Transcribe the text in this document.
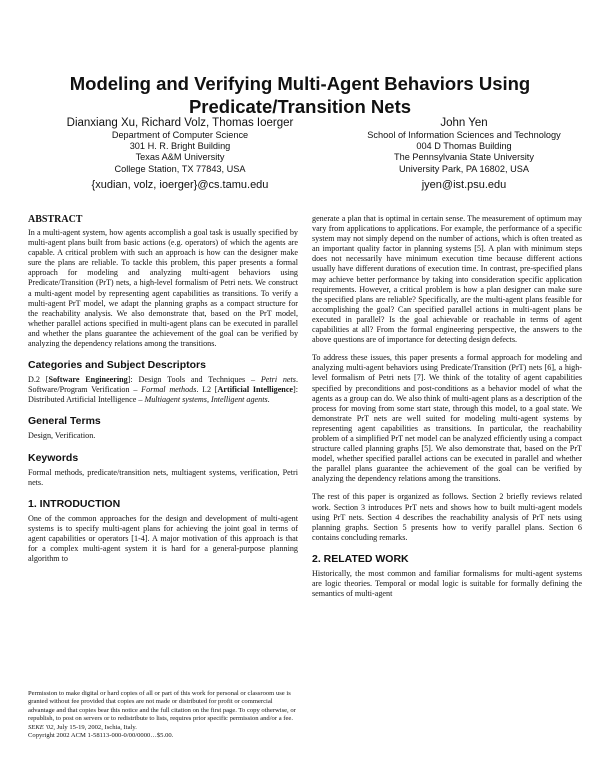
Modeling and Verifying Multi-Agent Behaviors Using
Predicate/Transition Nets
Dianxiang Xu, Richard Volz, Thomas Ioerger
Department of Computer Science
301 H. R. Bright Building
Texas A&M University
College Station, TX 77843, USA
{xudian, volz, ioerger}@cs.tamu.edu
John Yen
School of Information Sciences and Technology
004 D Thomas Building
The Pennsylvania State University
University Park, PA 16802, USA
jyen@ist.psu.edu
ABSTRACT

In a multi-agent system, how agents accomplish a goal task is usually specified by multi-agent plans built from basic actions (e.g. operators) of which the agents are capable. A critical problem with such an approach is how can the designer make sure the plans are reliable. To tackle this problem, this paper presents a formal approach for modeling and analyzing multi-agent behaviors using Predicate/Transition (PrT) nets, a high-level formalism of Petri nets. We construct a multi-agent model by representing agent capabilities as transitions. To verify a multi-agent PrT model, we adapt the planning graphs as a compact structure for the reachability analysis. We also demonstrate that, based on the PrT model, whether parallel actions specified in multi-agent plans can be executed in parallel and whether the plans guarantee the achievement of the goal can be verified by analyzing the dependency relations among the transitions.

Categories and Subject Descriptors

D.2 [Software Engineering]: Design Tools and Techniques – Petri nets. Software/Program Verification – Formal methods. I.2 [Artificial Intelligence]: Distributed Artificial Intelligence – Multiagent systems, Intelligent agents.

General Terms

Design, Verification.

Keywords

Formal methods, predicate/transition nets, multiagent systems, verification, Petri nets.

1. INTRODUCTION

One of the common approaches for the design and development of multi-agent systems is to specify multi-agent plans for achieving the joint goal in terms of agent capabilities or operators [1-4]. A major motivation of this approach is that for a complex multi-agent system it is hard for a general-purpose planning algorithm to

Permission to make digital or hard copies of all or part of this work for personal or classroom use is granted without fee provided that copies are not made or distributed for profit or commercial advantage and that copies bear this notice and the full citation on the first page. To copy otherwise, or republish, to post on servers or to redistribute to lists, requires prior specific permission and/or a fee.

SEKE '02, July 15-19, 2002, Ischia, Italy.

Copyright 2002 ACM 1-58113-000-0/00/0000…$5.00.

generate a plan that is optimal in certain sense. The measurement of optimum may vary from applications to applications. For example, the performance of a specific system may not simply depend on the number of actions, which is often treated as an important quality factor in planning systems [5]. A plan with minimum steps does not necessarily have minimum execution time because different actions usually have different durations of execution time. In contrast, pre-specified plans may achieve better performance by taking into consideration specific application requirements. However, a critical problem is how a plan designer can make sure the specified plans are reliable? Specifically, are the multi-agent plans feasible for accomplishing the goal? Can specified parallel actions in multi-agent plans be executed in parallel? Is the goal achievable or reachable in terms of agent capabilities at all? From the formal engineering perspective, the answers to the above questions are of importance for detecting design defects.

To address these issues, this paper presents a formal approach for modeling and analyzing multi-agent behaviors using Predicate/Transition (PrT) nets [6], a high-level formalism of Petri nets [7]. We think of the totality of agent capabilities specified by preconditions and post-conditions as a behavior model of what the agents as a group can do. We also think of multi-agent plans as a description of the process for moving from some start state, through this model, to a goal state. We demonstrate PrT nets are well suited for modeling multi-agent systems by representing agent capabilities as transitions. In particular, the reachability problem of a simplified PrT net model can be analyzed efficiently using a compact structure called planning graphs [5]. We also demonstrate that, based on the PrT model, whether specified parallel actions can be executed in parallel and whether the parallel plans guarantee the achievement of the goal can be verified by analyzing the dependency relations among the transitions.

The rest of this paper is organized as follows. Section 2 briefly reviews related work. Section 3 introduces PrT nets and shows how to built multi-agent models using PrT nets. Section 4 describes the reachability analysis of PrT nets using planning graphs. Section 5 presents how to verify parallel plans. Section 6 contains concluding remarks.

2. RELATED WORK

Historically, the most common and familiar formalisms for multi-agent systems are logic theories. Temporal or modal logic is suitable for formally defining the semantics of multi-agent
